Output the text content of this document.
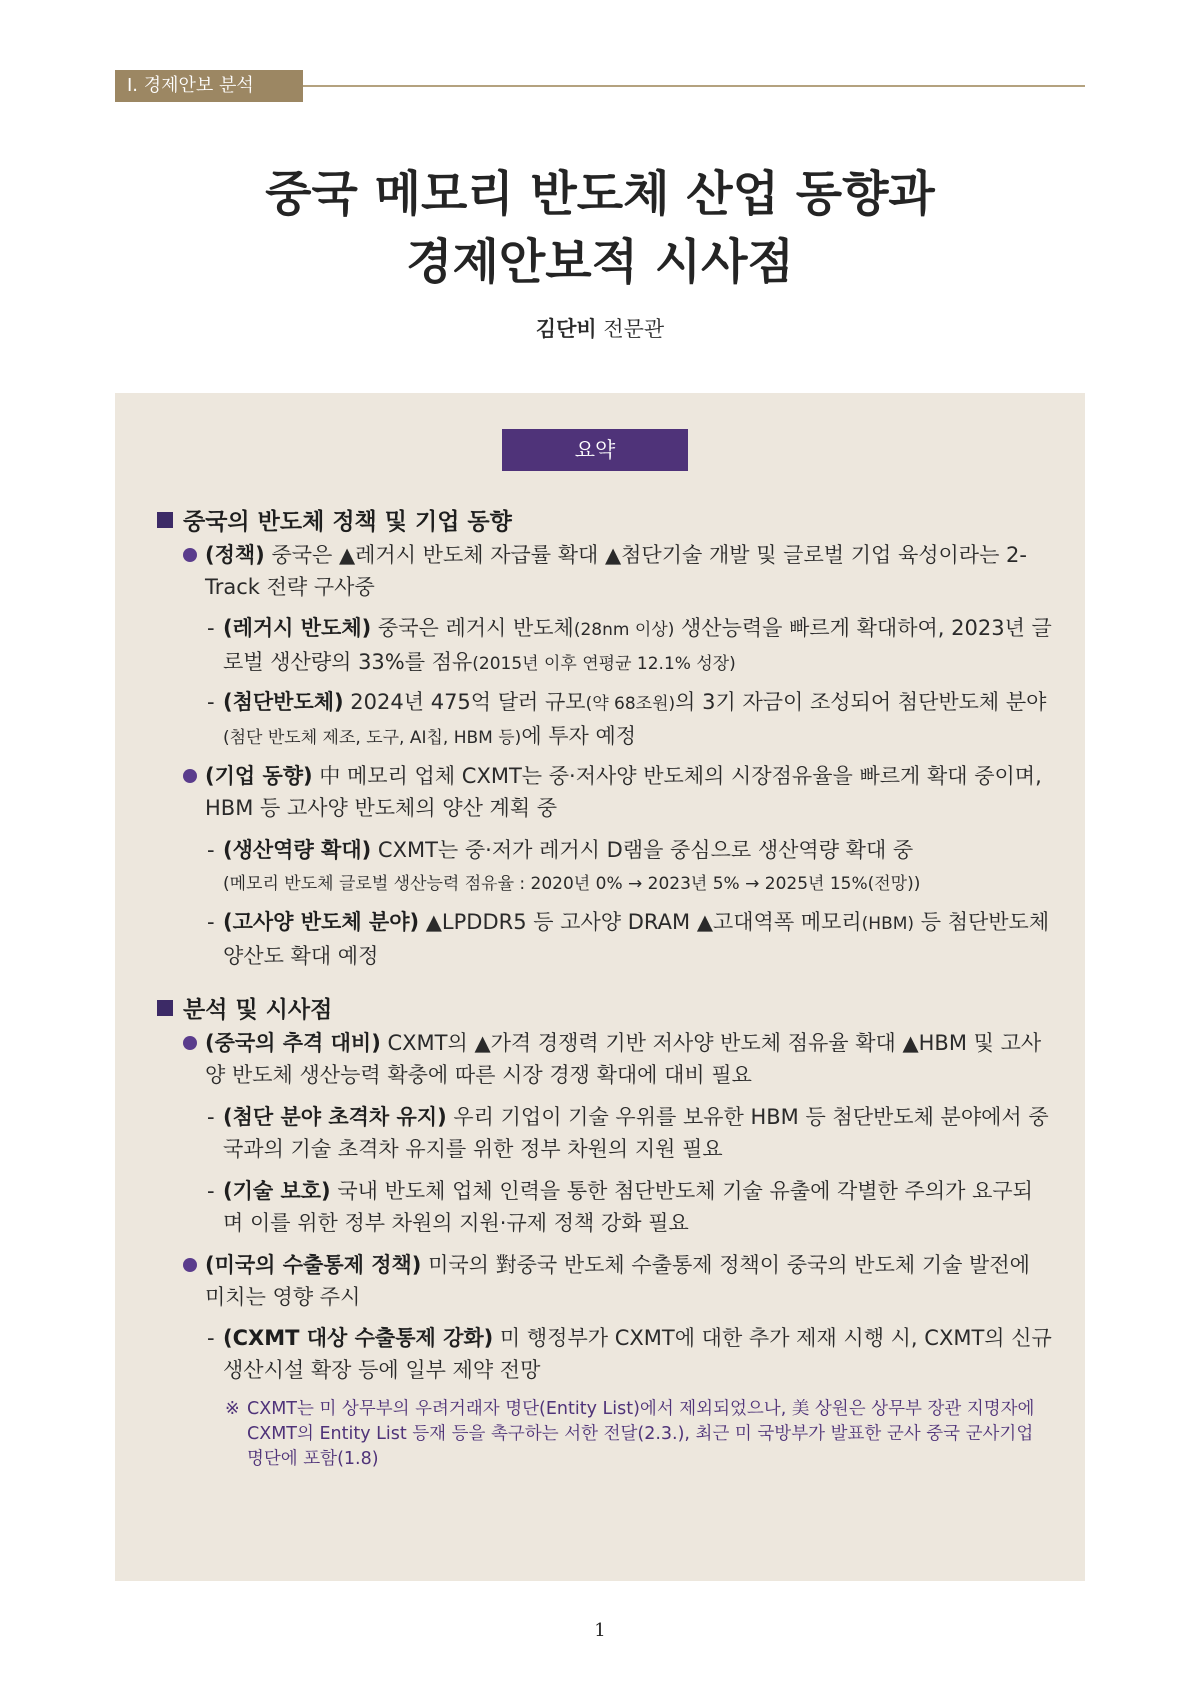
Ⅰ. 경제안보 분석
중국 메모리 반도체 산업 동향과
경제안보적 시사점
김단비 전문관
요약
중국의 반도체 정책 및 기업 동향
(정책) 중국은 ▲레거시 반도체 자급률 확대 ▲첨단기술 개발 및 글로벌 기업 육성이라는 2-Track 전략 구사중
- (레거시 반도체) 중국은 레거시 반도체(28nm 이상) 생산능력을 빠르게 확대하여, 2023년 글로벌 생산량의 33%를 점유(2015년 이후 연평균 12.1% 성장)
- (첨단반도체) 2024년 475억 달러 규모(약 68조원)의 3기 자금이 조성되어 첨단반도체 분야(첨단 반도체 제조, 도구, AI칩, HBM 등)에 투자 예정
(기업 동향) 中 메모리 업체 CXMT는 중·저사양 반도체의 시장점유율을 빠르게 확대 중이며, HBM 등 고사양 반도체의 양산 계획 중
- (생산역량 확대) CXMT는 중·저가 레거시 D램을 중심으로 생산역량 확대 중
(메모리 반도체 글로벌 생산능력 점유율 : 2020년 0% → 2023년 5% → 2025년 15%(전망))
- (고사양 반도체 분야) ▲LPDDR5 등 고사양 DRAM ▲고대역폭 메모리(HBM) 등 첨단반도체 양산도 확대 예정
분석 및 시사점
(중국의 추격 대비) CXMT의 ▲가격 경쟁력 기반 저사양 반도체 점유율 확대 ▲HBM 및 고사양 반도체 생산능력 확충에 따른 시장 경쟁 확대에 대비 필요
- (첨단 분야 초격차 유지) 우리 기업이 기술 우위를 보유한 HBM 등 첨단반도체 분야에서 중국과의 기술 초격차 유지를 위한 정부 차원의 지원 필요
- (기술 보호) 국내 반도체 업체 인력을 통한 첨단반도체 기술 유출에 각별한 주의가 요구되며 이를 위한 정부 차원의 지원·규제 정책 강화 필요
(미국의 수출통제 정책) 미국의 對중국 반도체 수출통제 정책이 중국의 반도체 기술 발전에 미치는 영향 주시
- (CXMT 대상 수출통제 강화) 미 행정부가 CXMT에 대한 추가 제재 시행 시, CXMT의 신규 생산시설 확장 등에 일부 제약 전망
※ CXMT는 미 상무부의 우려거래자 명단(Entity List)에서 제외되었으나, 美 상원은 상무부 장관 지명자에 CXMT의 Entity List 등재 등을 촉구하는 서한 전달(2.3.), 최근 미 국방부가 발표한 군사 중국 군사기업 명단에 포함(1.8)
1
